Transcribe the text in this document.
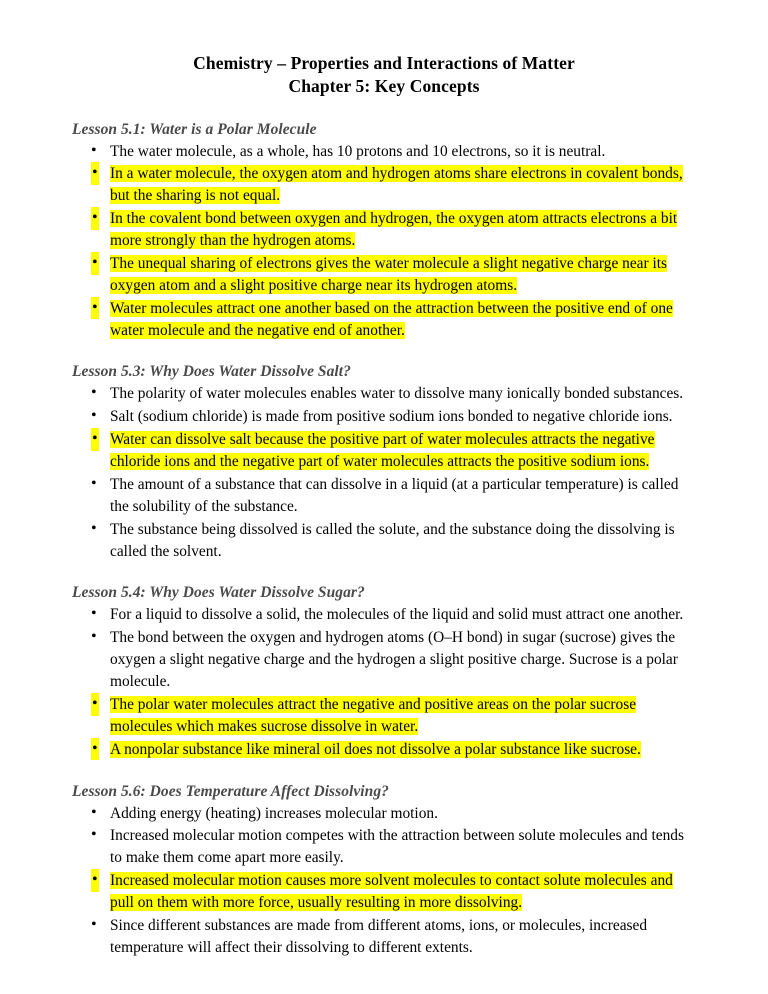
Chemistry – Properties and Interactions of Matter
Chapter 5: Key Concepts
Lesson 5.1: Water is a Polar Molecule
• The water molecule, as a whole, has 10 protons and 10 electrons, so it is neutral.
• In a water molecule, the oxygen atom and hydrogen atoms share electrons in covalent bonds, but the sharing is not equal.
• In the covalent bond between oxygen and hydrogen, the oxygen atom attracts electrons a bit more strongly than the hydrogen atoms.
• The unequal sharing of electrons gives the water molecule a slight negative charge near its oxygen atom and a slight positive charge near its hydrogen atoms.
• Water molecules attract one another based on the attraction between the positive end of one water molecule and the negative end of another.
Lesson 5.3: Why Does Water Dissolve Salt?
• The polarity of water molecules enables water to dissolve many ionically bonded substances.
• Salt (sodium chloride) is made from positive sodium ions bonded to negative chloride ions.
• Water can dissolve salt because the positive part of water molecules attracts the negative chloride ions and the negative part of water molecules attracts the positive sodium ions.
• The amount of a substance that can dissolve in a liquid (at a particular temperature) is called the solubility of the substance.
• The substance being dissolved is called the solute, and the substance doing the dissolving is called the solvent.
Lesson 5.4: Why Does Water Dissolve Sugar?
• For a liquid to dissolve a solid, the molecules of the liquid and solid must attract one another.
• The bond between the oxygen and hydrogen atoms (O–H bond) in sugar (sucrose) gives the oxygen a slight negative charge and the hydrogen a slight positive charge. Sucrose is a polar molecule.
• The polar water molecules attract the negative and positive areas on the polar sucrose molecules which makes sucrose dissolve in water.
• A nonpolar substance like mineral oil does not dissolve a polar substance like sucrose.
Lesson 5.6: Does Temperature Affect Dissolving?
• Adding energy (heating) increases molecular motion.
• Increased molecular motion competes with the attraction between solute molecules and tends to make them come apart more easily.
• Increased molecular motion causes more solvent molecules to contact solute molecules and pull on them with more force, usually resulting in more dissolving.
• Since different substances are made from different atoms, ions, or molecules, increased temperature will affect their dissolving to different extents.
